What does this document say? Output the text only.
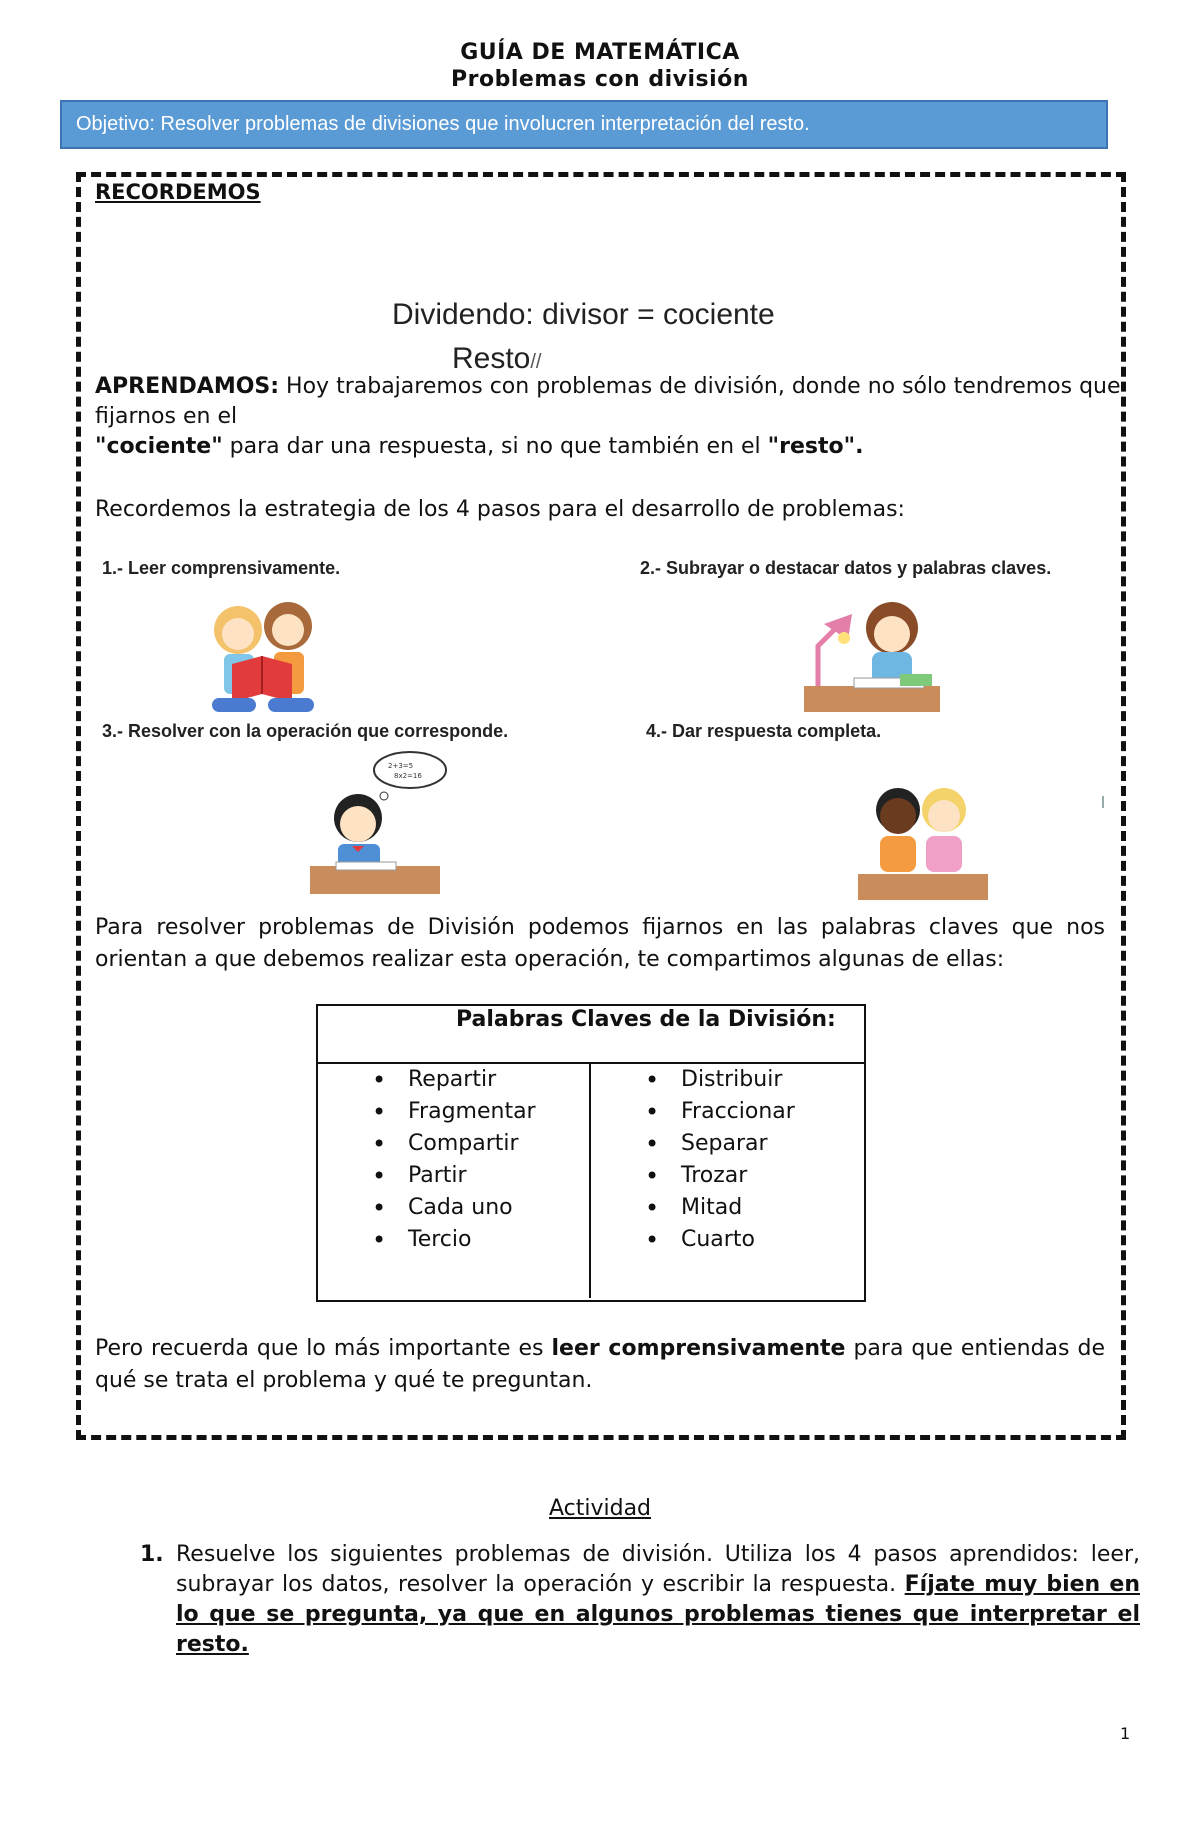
GUÍA DE MATEMÁTICA
Problemas con división
Objetivo: Resolver problemas de divisiones que involucren interpretación del resto.
RECORDEMOS
Dividendo: divisor = cociente
Resto//
APRENDAMOS: Hoy trabajaremos con problemas de división, donde no sólo tendremos que fijarnos en el
"cociente" para dar una respuesta, si no que también en el "resto".
Recordemos la estrategia de los 4 pasos para el desarrollo de problemas:
1.- Leer comprensivamente.	2.- Subrayar o destacar datos y palabras claves.
3.- Resolver con la operación que corresponde.	4.- Dar respuesta completa.
2+3=5
8x2=16
Para resolver problemas de División podemos fijarnos en las palabras claves que nos orientan a que debemos realizar esta operación, te compartimos algunas de ellas:
Palabras Claves de la División:
• Repartir
• Fragmentar
• Compartir
• Partir
• Cada uno
• Tercio
• Distribuir
• Fraccionar
• Separar
• Trozar
• Mitad
• Cuarto
Pero recuerda que lo más importante es leer comprensivamente para que entiendas de qué se trata el problema y qué te preguntan.
Actividad
1. Resuelve los siguientes problemas de división. Utiliza los 4 pasos aprendidos: leer, subrayar los datos, resolver la operación y escribir la respuesta. Fíjate muy bien en lo que se pregunta, ya que en algunos problemas tienes que interpretar el resto.
1
